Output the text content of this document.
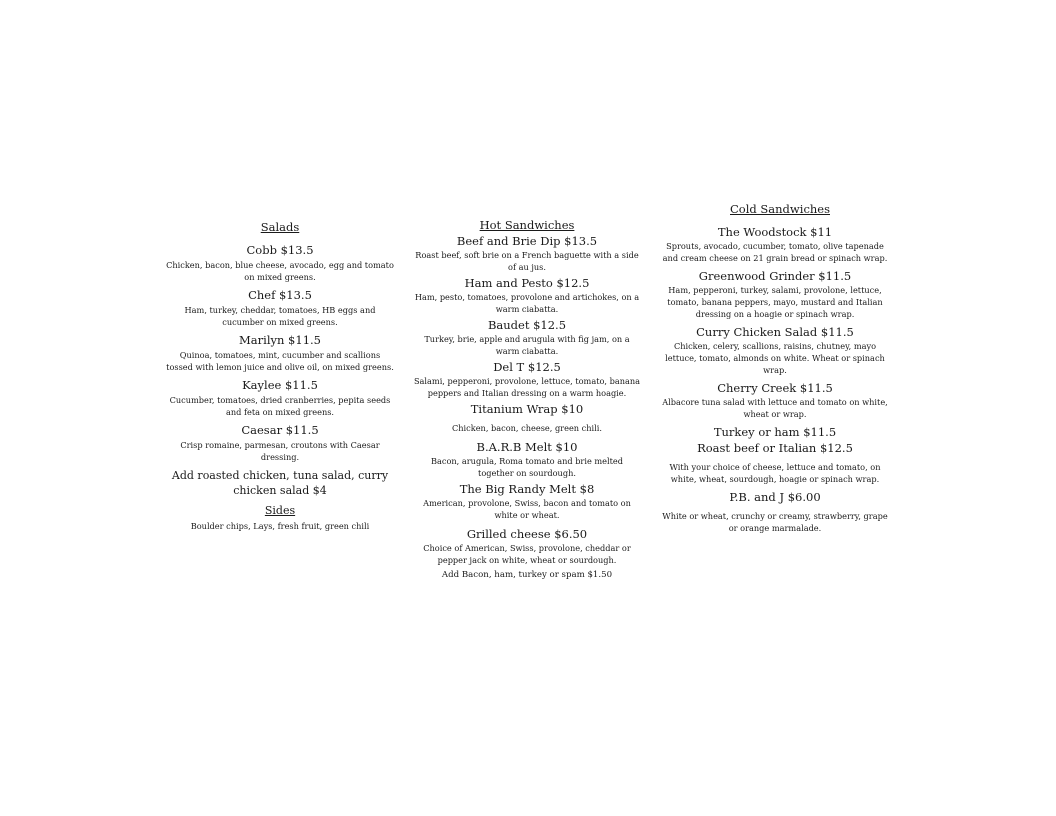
Salads
Cobb $13.5
Chicken, bacon, blue cheese, avocado, egg and tomato on mixed greens.
Chef $13.5
Ham, turkey, cheddar, tomatoes, HB eggs and cucumber on mixed greens.
Marilyn $11.5
Quinoa, tomatoes, mint, cucumber and scallions tossed with lemon juice and olive oil, on mixed greens.
Kaylee $11.5
Cucumber, tomatoes, dried cranberries, pepita seeds and feta on mixed greens.
Caesar $11.5
Crisp romaine, parmesan, croutons with Caesar dressing.
Add roasted chicken, tuna salad, curry chicken salad $4
Sides
Boulder chips, Lays, fresh fruit, green chili
Hot Sandwiches
Beef and Brie Dip $13.5
Roast beef, soft brie on a French baguette with a side of au jus.
Ham and Pesto $12.5
Ham, pesto, tomatoes, provolone and artichokes, on a warm ciabatta.
Baudet $12.5
Turkey, brie, apple and arugula with fig jam, on a warm ciabatta.
Del T $12.5
Salami, pepperoni, provolone, lettuce, tomato, banana peppers and Italian dressing on a warm hoagie.
Titanium Wrap $10
Chicken, bacon, cheese, green chili.
B.A.R.B Melt $10
Bacon, arugula, Roma tomato and brie melted together on sourdough.
The Big Randy Melt $8
American, provolone, Swiss, bacon and tomato on white or wheat.
Grilled cheese $6.50
Choice of American, Swiss, provolone, cheddar or pepper jack on white, wheat or sourdough.
Add Bacon, ham, turkey or spam $1.50
Cold Sandwiches
The Woodstock $11
Sprouts, avocado, cucumber, tomato, olive tapenade and cream cheese on 21 grain bread or spinach wrap.
Greenwood Grinder $11.5
Ham, pepperoni, turkey, salami, provolone, lettuce, tomato, banana peppers, mayo, mustard and Italian dressing on a hoagie or spinach wrap.
Curry Chicken Salad $11.5
Chicken, celery, scallions, raisins, chutney, mayo lettuce, tomato, almonds on white. Wheat or spinach wrap.
Cherry Creek $11.5
Albacore tuna salad with lettuce and tomato on white, wheat or wrap.
Turkey or ham $11.5
Roast beef or Italian $12.5
With your choice of cheese, lettuce and tomato, on white, wheat, sourdough, hoagie or spinach wrap.
P.B. and J $6.00
White or wheat, crunchy or creamy, strawberry, grape or orange marmalade.
